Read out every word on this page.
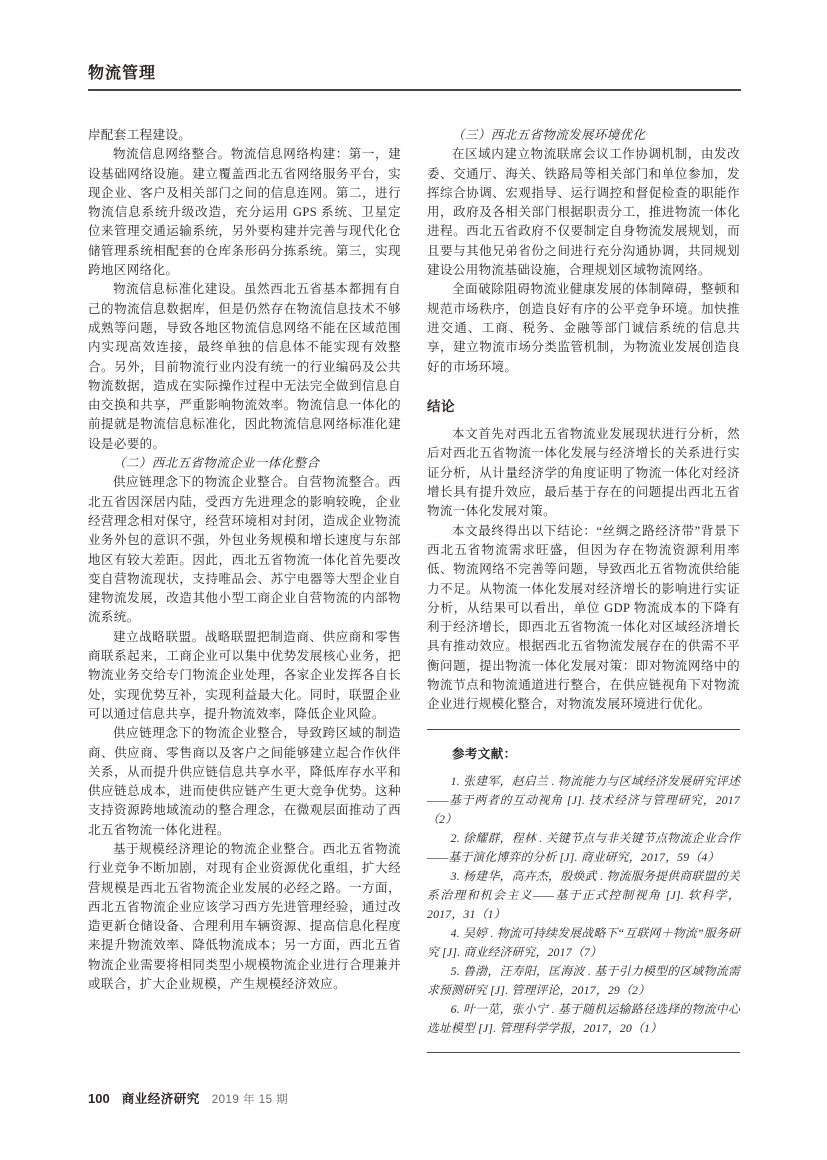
物流管理

岸配套工程建设。

物流信息网络整合。物流信息网络构建：第一，建设基础网络设施。建立覆盖西北五省网络服务平台，实现企业、客户及相关部门之间的信息连网。第二，进行物流信息系统升级改造，充分运用 GPS 系统、卫星定位来管理交通运输系统，另外要构建并完善与现代化仓储管理系统相配套的仓库条形码分拣系统。第三，实现跨地区网络化。

物流信息标准化建设。虽然西北五省基本都拥有自己的物流信息数据库，但是仍然存在物流信息技术不够成熟等问题，导致各地区物流信息网络不能在区域范围内实现高效连接，最终单独的信息体不能实现有效整合。另外，目前物流行业内没有统一的行业编码及公共物流数据，造成在实际操作过程中无法完全做到信息自由交换和共享，严重影响物流效率。物流信息一体化的前提就是物流信息标准化，因此物流信息网络标准化建设是必要的。

（二）西北五省物流企业一体化整合

供应链理念下的物流企业整合。自营物流整合。西北五省因深居内陆，受西方先进理念的影响较晚，企业经营理念相对保守，经营环境相对封闭，造成企业物流业务外包的意识不强，外包业务规模和增长速度与东部地区有较大差距。因此，西北五省物流一体化首先要改变自营物流现状，支持唯品会、苏宁电器等大型企业自建物流发展，改造其他小型工商企业自营物流的内部物流系统。

建立战略联盟。战略联盟把制造商、供应商和零售商联系起来，工商企业可以集中优势发展核心业务，把物流业务交给专门物流企业处理，各家企业发挥各自长处，实现优势互补，实现利益最大化。同时，联盟企业可以通过信息共享，提升物流效率，降低企业风险。

供应链理念下的物流企业整合，导致跨区域的制造商、供应商、零售商以及客户之间能够建立起合作伙伴关系，从而提升供应链信息共享水平，降低库存水平和供应链总成本，进而使供应链产生更大竞争优势。这种支持资源跨地域流动的整合理念，在微观层面推动了西北五省物流一体化进程。

基于规模经济理论的物流企业整合。西北五省物流行业竞争不断加剧，对现有企业资源优化重组，扩大经营规模是西北五省物流企业发展的必经之路。一方面，西北五省物流企业应该学习西方先进管理经验，通过改造更新仓储设备、合理利用车辆资源、提高信息化程度来提升物流效率、降低物流成本；另一方面，西北五省物流企业需要将相同类型小规模物流企业进行合理兼并或联合，扩大企业规模，产生规模经济效应。

（三）西北五省物流发展环境优化

在区域内建立物流联席会议工作协调机制，由发改委、交通厅、海关、铁路局等相关部门和单位参加，发挥综合协调、宏观指导、运行调控和督促检查的职能作用，政府及各相关部门根据职责分工，推进物流一体化进程。西北五省政府不仅要制定自身物流发展规划，而且要与其他兄弟省份之间进行充分沟通协调，共同规划建设公用物流基础设施，合理规划区域物流网络。

全面破除阻碍物流业健康发展的体制障碍，整顿和规范市场秩序，创造良好有序的公平竞争环境。加快推进交通、工商、税务、金融等部门诚信系统的信息共享，建立物流市场分类监管机制，为物流业发展创造良好的市场环境。

结论

本文首先对西北五省物流业发展现状进行分析，然后对西北五省物流一体化发展与经济增长的关系进行实证分析，从计量经济学的角度证明了物流一体化对经济增长具有提升效应，最后基于存在的问题提出西北五省物流一体化发展对策。

本文最终得出以下结论：“丝绸之路经济带”背景下西北五省物流需求旺盛，但因为存在物流资源利用率低、物流网络不完善等问题，导致西北五省物流供给能力不足。从物流一体化发展对经济增长的影响进行实证分析，从结果可以看出，单位 GDP 物流成本的下降有利于经济增长，即西北五省物流一体化对区域经济增长具有推动效应。根据西北五省物流发展存在的供需不平衡问题，提出物流一体化发展对策：即对物流网络中的物流节点和物流通道进行整合，在供应链视角下对物流企业进行规模化整合，对物流发展环境进行优化。

参考文献：

1. 张建军，赵启兰 . 物流能力与区域经济发展研究评述——基于两者的互动视角 [J]. 技术经济与管理研究，2017（2）

2. 徐耀群，程林 . 关键节点与非关键节点物流企业合作——基于演化博弈的分析 [J]. 商业研究，2017，59（4）

3. 杨建华，高卉杰，殷焕武 . 物流服务提供商联盟的关系治理和机会主义——基于正式控制视角 [J]. 软科学，2017，31（1）

4. 吴婷 . 物流可持续发展战略下“互联网＋物流”服务研究 [J]. 商业经济研究，2017（7）

5. 鲁渤，汪寿阳，匡海波 . 基于引力模型的区域物流需求预测研究 [J]. 管理评论，2017，29（2）

6. 叶一苋，张小宁 . 基于随机运输路径选择的物流中心选址模型 [J]. 管理科学学报，2017，20（1）

100 商业经济研究 2019 年 15 期
